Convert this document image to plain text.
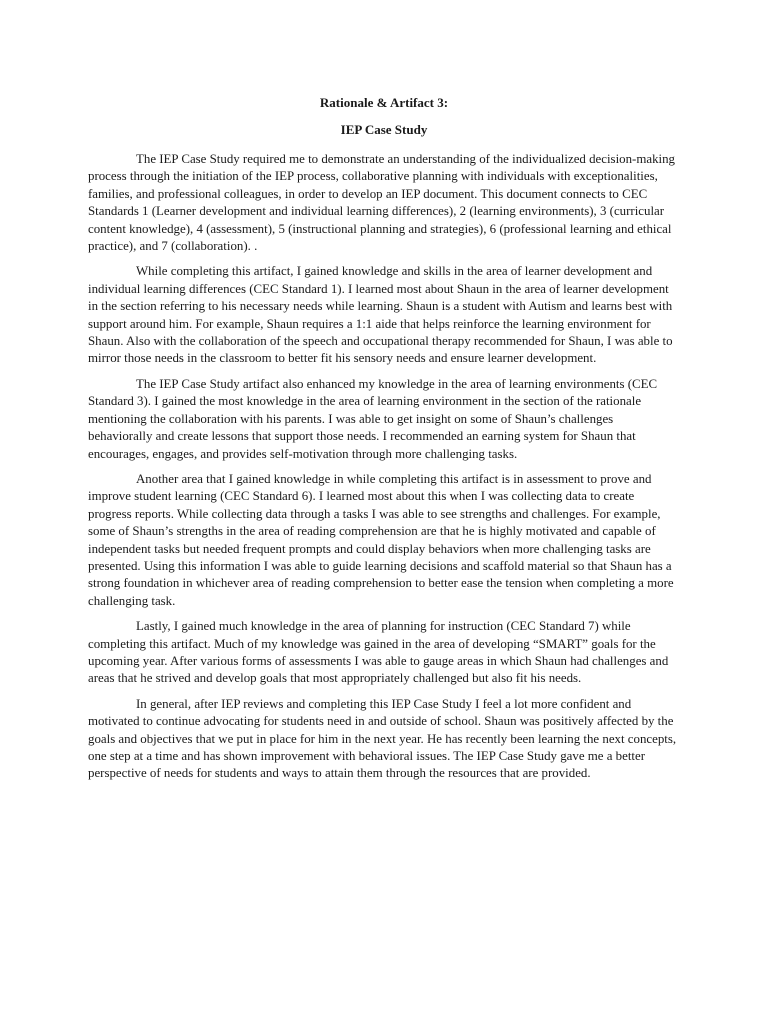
Rationale & Artifact 3:

IEP Case Study

The IEP Case Study required me to demonstrate an understanding of the individualized decision-making process through the initiation of the IEP process, collaborative planning with individuals with exceptionalities, families, and professional colleagues, in order to develop an IEP document. This document connects to CEC Standards 1 (Learner development and individual learning differences), 2 (learning environments), 3 (curricular content knowledge), 4 (assessment), 5 (instructional planning and strategies), 6 (professional learning and ethical practice), and 7 (collaboration). .

While completing this artifact, I gained knowledge and skills in the area of learner development and individual learning differences (CEC Standard 1). I learned most about Shaun in the area of learner development in the section referring to his necessary needs while learning. Shaun is a student with Autism and learns best with support around him. For example, Shaun requires a 1:1 aide that helps reinforce the learning environment for Shaun. Also with the collaboration of the speech and occupational therapy recommended for Shaun, I was able to mirror those needs in the classroom to better fit his sensory needs and ensure learner development.

The IEP Case Study artifact also enhanced my knowledge in the area of learning environments (CEC Standard 3). I gained the most knowledge in the area of learning environment in the section of the rationale mentioning the collaboration with his parents. I was able to get insight on some of Shaun’s challenges behaviorally and create lessons that support those needs. I recommended an earning system for Shaun that encourages, engages, and provides self-motivation through more challenging tasks.

Another area that I gained knowledge in while completing this artifact is in assessment to prove and improve student learning (CEC Standard 6). I learned most about this when I was collecting data to create progress reports. While collecting data through a tasks I was able to see strengths and challenges. For example, some of Shaun’s strengths in the area of reading comprehension are that he is highly motivated and capable of independent tasks but needed frequent prompts and could display behaviors when more challenging tasks are presented. Using this information I was able to guide learning decisions and scaffold material so that Shaun has a strong foundation in whichever area of reading comprehension to better ease the tension when completing a more challenging task.

Lastly, I gained much knowledge in the area of planning for instruction (CEC Standard 7) while completing this artifact. Much of my knowledge was gained in the area of developing “SMART” goals for the upcoming year. After various forms of assessments I was able to gauge areas in which Shaun had challenges and areas that he strived and develop goals that most appropriately challenged but also fit his needs.

In general, after IEP reviews and completing this IEP Case Study I feel a lot more confident and motivated to continue advocating for students need in and outside of school. Shaun was positively affected by the goals and objectives that we put in place for him in the next year. He has recently been learning the next concepts, one step at a time and has shown improvement with behavioral issues. The IEP Case Study gave me a better perspective of needs for students and ways to attain them through the resources that are provided.
